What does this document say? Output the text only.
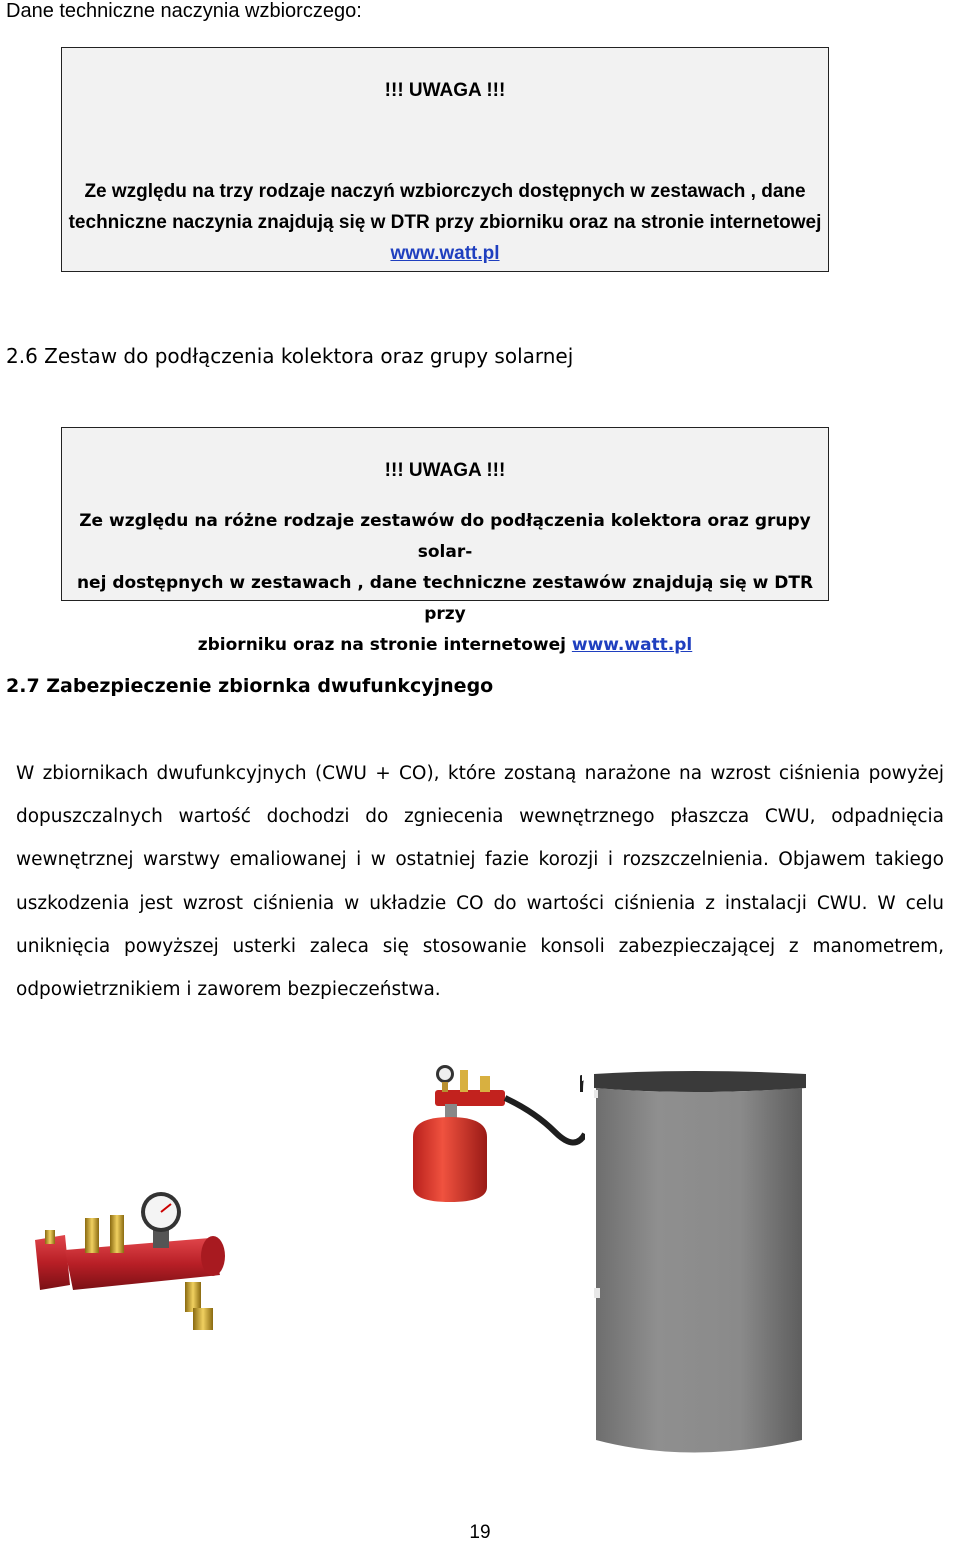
Dane techniczne naczynia wzbiorczego:
!!! UWAGA !!!
Ze względu na trzy rodzaje naczyń wzbiorczych dostępnych w zestawach , dane
techniczne naczynia znajdują się w DTR przy zbiorniku oraz na stronie internetowej
www.watt.pl
2.6 Zestaw do podłączenia kolektora oraz grupy solarnej
!!! UWAGA !!!
Ze względu na różne rodzaje zestawów do podłączenia kolektora oraz grupy solar-
nej dostępnych w zestawach , dane techniczne zestawów znajdują się w DTR przy
zbiorniku oraz na stronie internetowej www.watt.pl
2.7 Zabezpieczenie zbiornka dwufunkcyjnego
W zbiornikach dwufunkcyjnych (CWU + CO), które zostaną narażone na wzrost ciśnienia powyżej dopuszczalnych wartość dochodzi do zgniecenia wewnętrznego płaszcza CWU, odpadnięcia wewnętrznej warstwy emaliowanej i w ostatniej fazie korozji i rozszczelnienia. Objawem takiego uszkodzenia jest wzrost ciśnienia w układzie CO do wartości ciśnienia z instalacji CWU. W celu uniknięcia powyższej usterki zaleca się stosowanie konsoli zabezpieczającej z manometrem, odpowietrznikiem i zaworem bezpieczeństwa.
19
